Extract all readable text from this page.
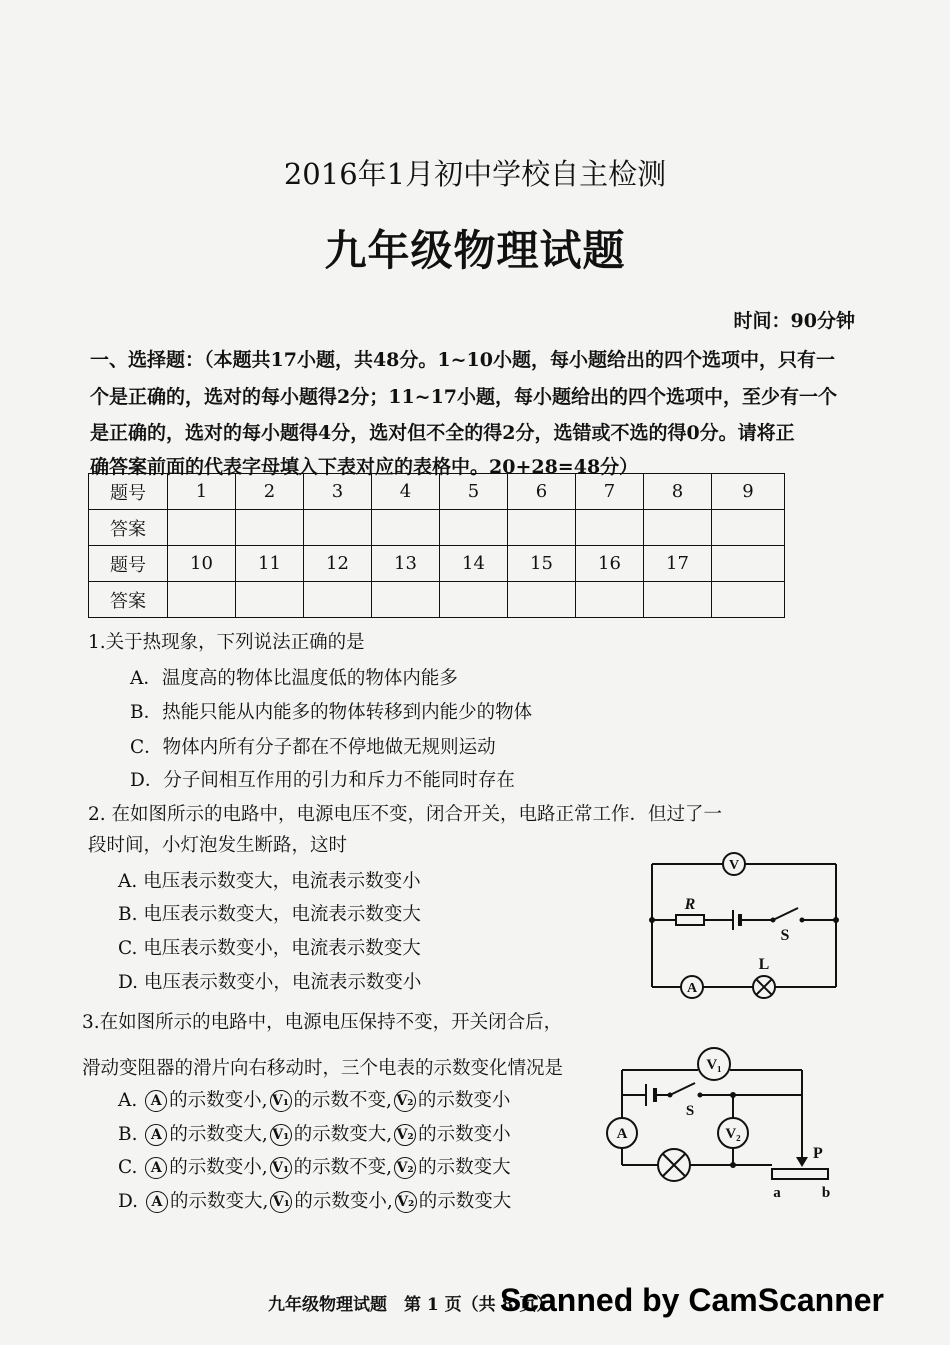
2016年1月初中学校自主检测
九年级物理试题
时间：90分钟
一、选择题：（本题共17小题，共48分。1~10小题，每小题给出的四个选项中，只有一
个是正确的，选对的每小题得2分；11~17小题，每小题给出的四个选项中，至少有一个
是正确的，选对的每小题得4分，选对但不全的得2分，选错或不选的得0分。请将正
确答案前面的代表字母填入下表对应的表格中。20+28=48分）
题号	1	2	3	4	5	6	7	8	9
答案									
题号	10	11	12	13	14	15	16	17	
答案									
1.关于热现象，下列说法正确的是
A．温度高的物体比温度低的物体内能多
B．热能只能从内能多的物体转移到内能少的物体
C．物体内所有分子都在不停地做无规则运动
D．分子间相互作用的引力和斥力不能同时存在
2. 在如图所示的电路中，电源电压不变，闭合开关，电路正常工作．但过了一
段时间，小灯泡发生断路，这时
A. 电压表示数变大，电流表示数变小
B. 电压表示数变大，电流表示数变大
C. 电压表示数变小，电流表示数变大
D. 电压表示数变小，电流表示数变小
V
A
R
S
L
3.在如图所示的电路中，电源电压保持不变，开关闭合后，
滑动变阻器的滑片向右移动时，三个电表的示数变化情况是
A. A 的示数变小, V₁ 的示数不变, V₂ 的示数变小
B. A 的示数变大, V₁ 的示数变大, V₂ 的示数变小
C. A 的示数变小, V₁ 的示数不变, V₂ 的示数变大
D. A 的示数变大, V₁ 的示数变小, V₂ 的示数变大
V₁
A	V₂
S
P
a	b
九年级物理试题　第 1 页（共 8 页）
Scanned by CamScanner
